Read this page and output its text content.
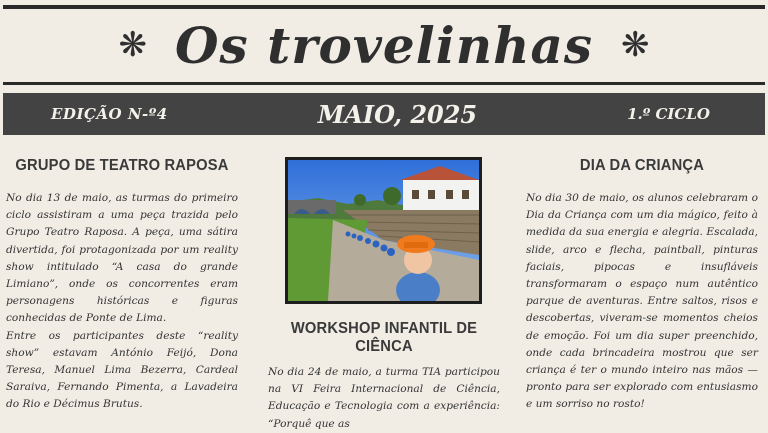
❋ Os trovelinhas ❋
EDIÇÃO N-º4	MAIO, 2025	1.º CICLO
GRUPO DE TEATRO RAPOSA

No dia 13 de maio, as turmas do primeiro ciclo assistiram a uma peça trazida pelo Grupo Teatro Raposa. A peça, uma sátira divertida, foi protagonizada por um reality show intitulado “A casa do grande Limiano”, onde os concorrentes eram personagens históricas e figuras conhecidas de Ponte de Lima.

Entre os participantes deste “reality show” estavam António Feijó, Dona Teresa, Manuel Lima Bezerra, Cardeal Saraiva, Fernando Pimenta, a Lavadeira do Rio e Décimus Brutus.

WORKSHOP INFANTIL DE CIÊNCA

No dia 24 de maio, a turma TIA participou na VI Feira Internacional de Ciência, Educação e Tecnologia com a experiência: “Porquê que as

DIA DA CRIANÇA

No dia 30 de maio, os alunos celebraram o Dia da Criança com um dia mágico, feito à medida da sua energia e alegria. Escalada, slide, arco e flecha, paintball, pinturas faciais, pipocas e insufláveis transformaram o espaço num autêntico parque de aventuras. Entre saltos, risos e descobertas, viveram-se momentos cheios de emoção. Foi um dia super preenchido, onde cada brincadeira mostrou que ser criança é ter o mundo inteiro nas mãos — pronto para ser explorado com entusiasmo e um sorriso no rosto!
